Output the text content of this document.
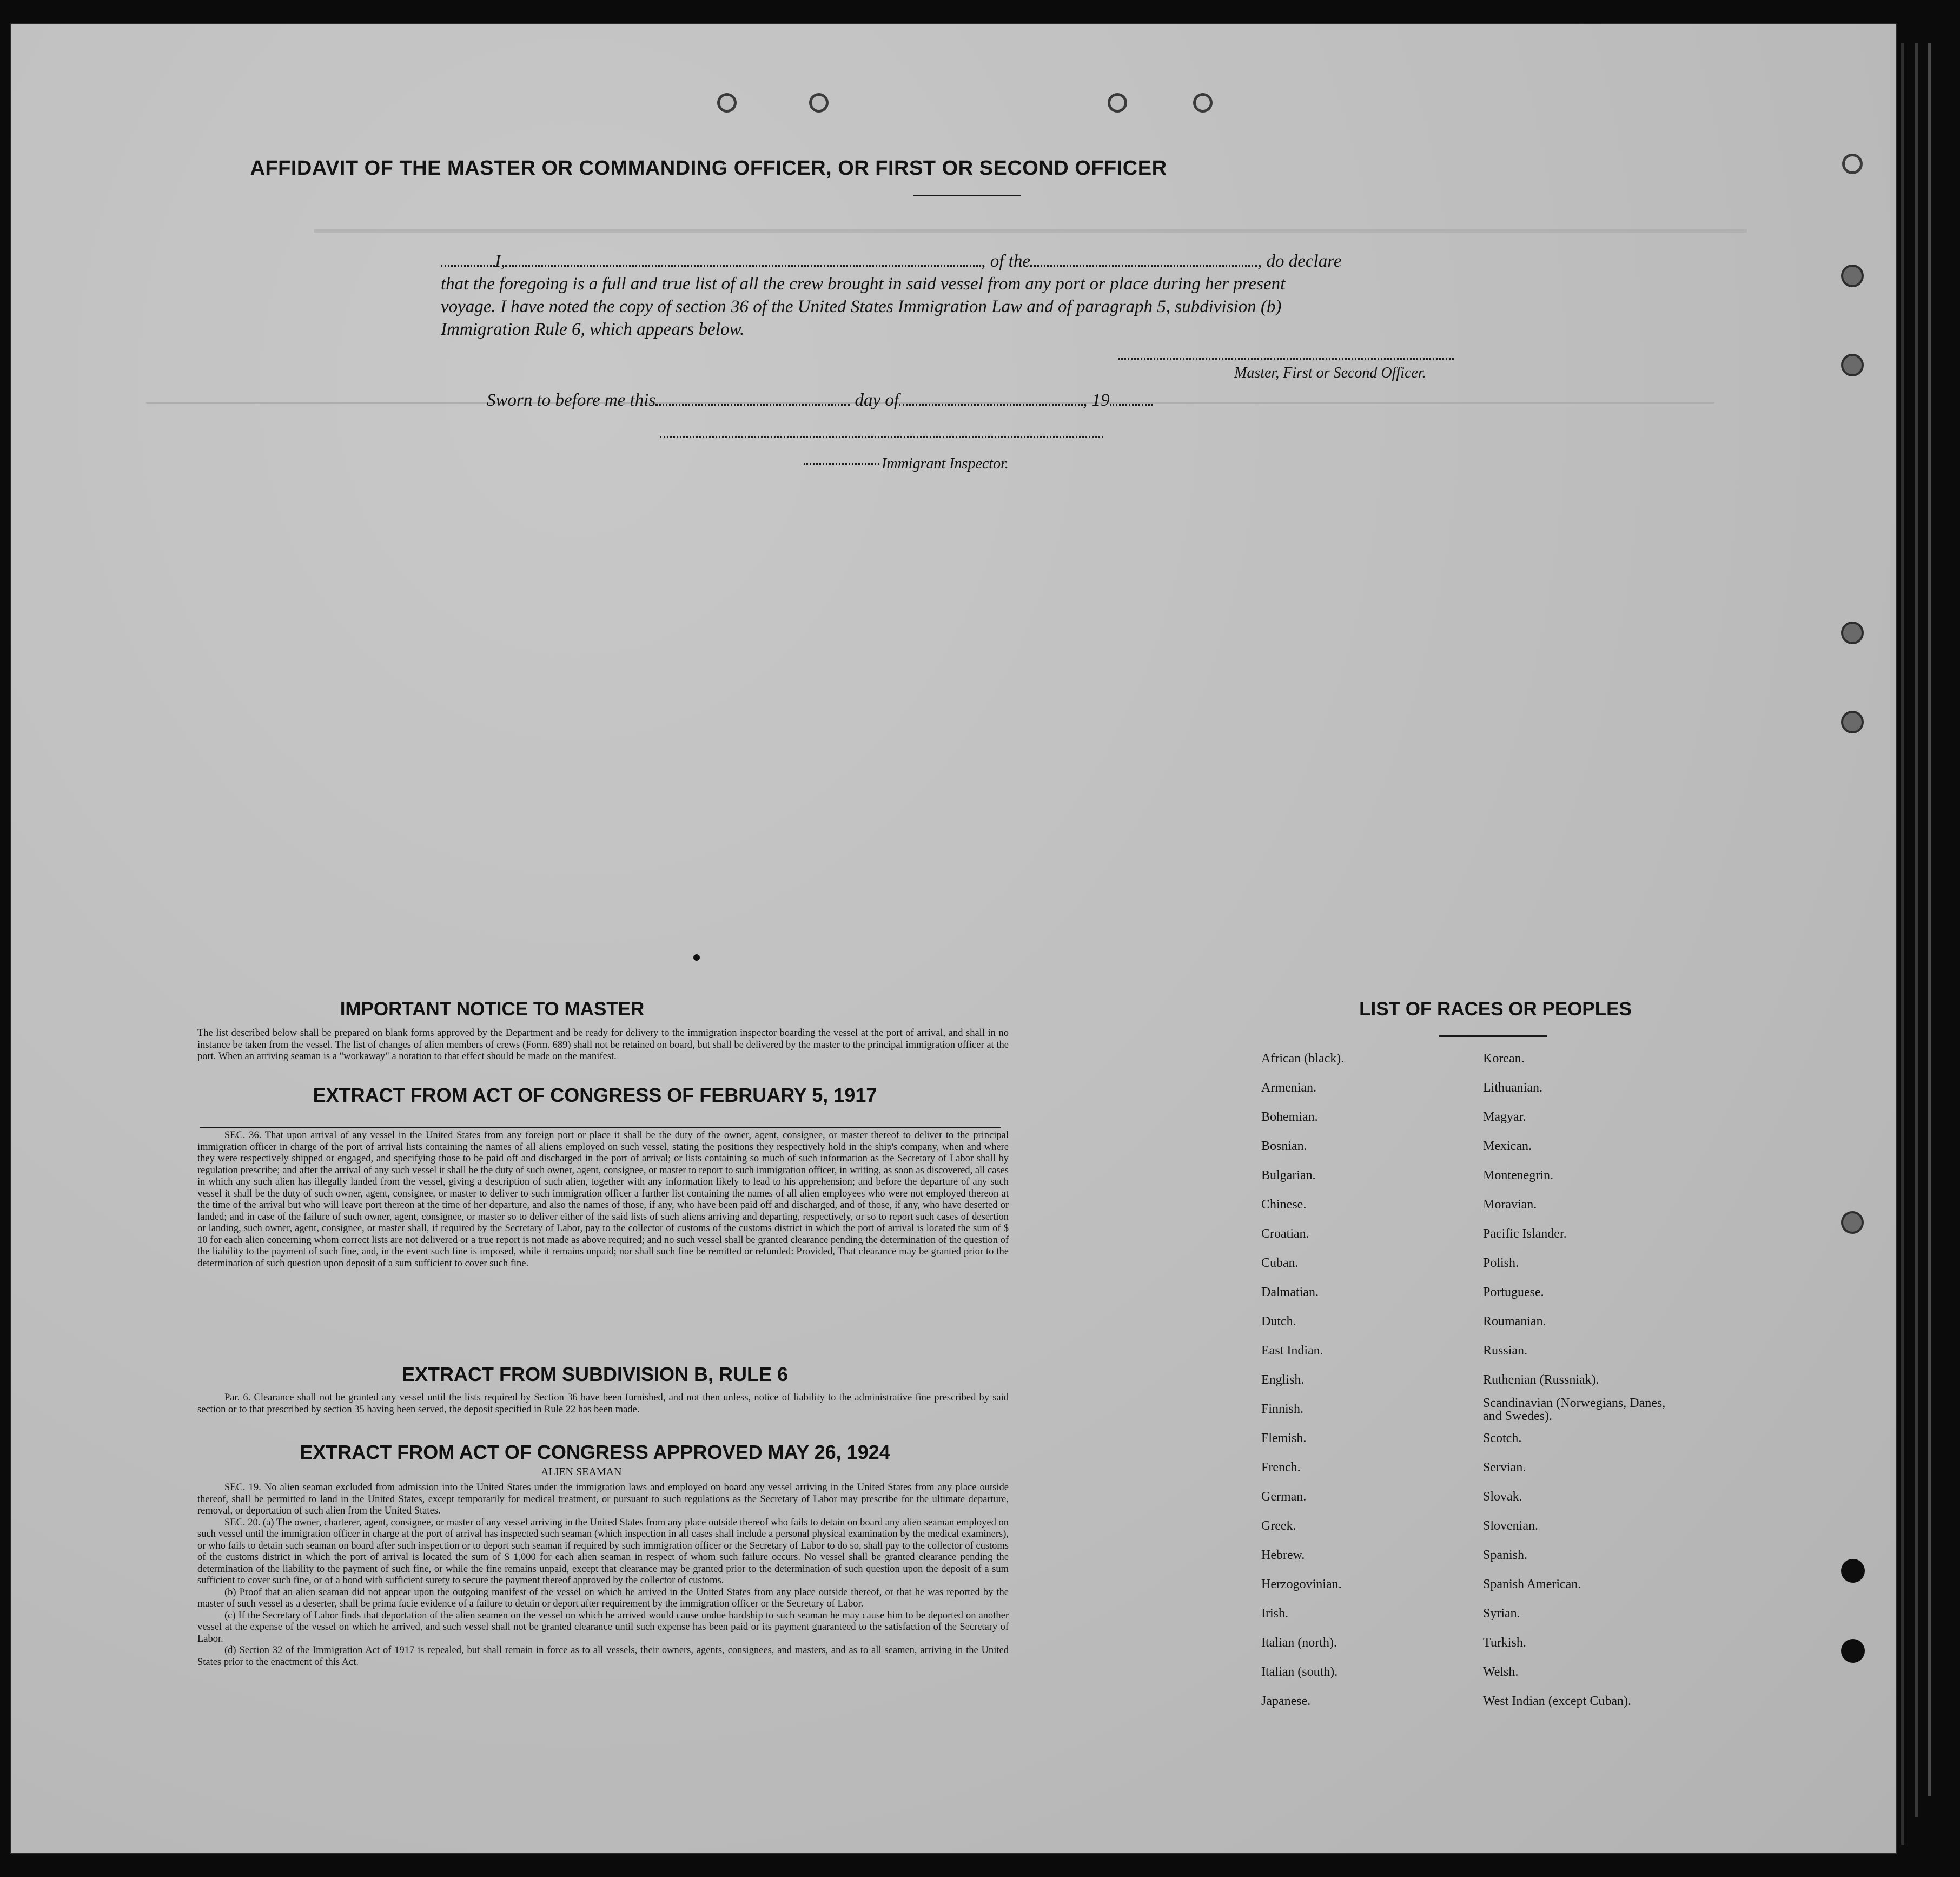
AFFIDAVIT OF THE MASTER OR COMMANDING OFFICER, OR FIRST OR SECOND OFFICER
I,	, of the	, do declare
that the foregoing is a full and true list of all the crew brought in said vessel from any port or place during her present
voyage. I have noted the copy of section 36 of the United States Immigration Law and of paragraph 5, subdivision (b)
Immigration Rule 6, which appears below.
Master, First or Second Officer.
Sworn to before me this	day of	, 19
Immigrant Inspector.
IMPORTANT NOTICE TO MASTER
The list described below shall be prepared on blank forms approved by the Department and be ready for delivery to the immigration inspector boarding the vessel at the port of arrival, and shall in no instance be taken from the vessel. The list of changes of alien members of crews (Form. 689) shall not be retained on board, but shall be delivered by the master to the principal immigration officer at the port. When an arriving seaman is a "workaway" a notation to that effect should be made on the manifest.
EXTRACT FROM ACT OF CONGRESS OF FEBRUARY 5, 1917
SEC. 36. That upon arrival of any vessel in the United States from any foreign port or place it shall be the duty of the owner, agent, consignee, or master thereof to deliver to the principal immigration officer in charge of the port of arrival lists containing the names of all aliens employed on such vessel, stating the positions they respectively hold in the ship's company, when and where they were respectively shipped or engaged, and specifying those to be paid off and discharged in the port of arrival; or lists containing so much of such information as the Secretary of Labor shall by regulation prescribe; and after the arrival of any such vessel it shall be the duty of such owner, agent, consignee, or master to report to such immigration officer, in writing, as soon as discovered, all cases in which any such alien has illegally landed from the vessel, giving a description of such alien, together with any information likely to lead to his apprehension; and before the departure of any such vessel it shall be the duty of such owner, agent, consignee, or master to deliver to such immigration officer a further list containing the names of all alien employees who were not employed thereon at the time of the arrival but who will leave port thereon at the time of her departure, and also the names of those, if any, who have been paid off and discharged, and of those, if any, who have deserted or landed; and in case of the failure of such owner, agent, consignee, or master so to deliver either of the said lists of such aliens arriving and departing, respectively, or so to report such cases of desertion or landing, such owner, agent, consignee, or master shall, if required by the Secretary of Labor, pay to the collector of customs of the customs district in which the port of arrival is located the sum of $ 10 for each alien concerning whom correct lists are not delivered or a true report is not made as above required; and no such vessel shall be granted clearance pending the determination of the question of the liability to the payment of such fine, and, in the event such fine is imposed, while it remains unpaid; nor shall such fine be remitted or refunded: Provided, That clearance may be granted prior to the determination of such question upon deposit of a sum sufficient to cover such fine.
EXTRACT FROM SUBDIVISION B, RULE 6
Par. 6. Clearance shall not be granted any vessel until the lists required by Section 36 have been furnished, and not then unless, notice of liability to the administrative fine prescribed by said section or to that prescribed by section 35 having been served, the deposit specified in Rule 22 has been made.
EXTRACT FROM ACT OF CONGRESS APPROVED MAY 26, 1924
ALIEN SEAMAN

SEC. 19. No alien seaman excluded from admission into the United States under the immigration laws and employed on board any vessel arriving in the United States from any place outside thereof, shall be permitted to land in the United States, except temporarily for medical treatment, or pursuant to such regulations as the Secretary of Labor may prescribe for the ultimate departure, removal, or deportation of such alien from the United States.

SEC. 20. (a) The owner, charterer, agent, consignee, or master of any vessel arriving in the United States from any place outside thereof who fails to detain on board any alien seaman employed on such vessel until the immigration officer in charge at the port of arrival has inspected such seaman (which inspection in all cases shall include a personal physical examination by the medical examiners), or who fails to detain such seaman on board after such inspection or to deport such seaman if required by such immigration officer or the Secretary of Labor to do so, shall pay to the collector of customs of the customs district in which the port of arrival is located the sum of $ 1,000 for each alien seaman in respect of whom such failure occurs. No vessel shall be granted clearance pending the determination of the liability to the payment of such fine, or while the fine remains unpaid, except that clearance may be granted prior to the determination of such question upon the deposit of a sum sufficient to cover such fine, or of a bond with sufficient surety to secure the payment thereof approved by the collector of customs.

(b) Proof that an alien seaman did not appear upon the outgoing manifest of the vessel on which he arrived in the United States from any place outside thereof, or that he was reported by the master of such vessel as a deserter, shall be prima facie evidence of a failure to detain or deport after requirement by the immigration officer or the Secretary of Labor.

(c) If the Secretary of Labor finds that deportation of the alien seamen on the vessel on which he arrived would cause undue hardship to such seaman he may cause him to be deported on another vessel at the expense of the vessel on which he arrived, and such vessel shall not be granted clearance until such expense has been paid or its payment guaranteed to the satisfaction of the Secretary of Labor.

(d) Section 32 of the Immigration Act of 1917 is repealed, but shall remain in force as to all vessels, their owners, agents, consignees, and masters, and as to all seamen, arriving in the United States prior to the enactment of this Act.

LIST OF RACES OR PEOPLES
African (black).
Armenian.
Bohemian.
Bosnian.
Bulgarian.
Chinese.
Croatian.
Cuban.
Dalmatian.
Dutch.
East Indian.
English.
Finnish.
Flemish.
French.
German.
Greek.
Hebrew.
Herzogovinian.
Irish.
Italian (north).
Italian (south).
Japanese.
Korean.
Lithuanian.
Magyar.
Mexican.
Montenegrin.
Moravian.
Pacific Islander.
Polish.
Portuguese.
Roumanian.
Russian.
Ruthenian (Russniak).
Scandinavian (Norwegians, Danes, and Swedes).
Scotch.
Servian.
Slovak.
Slovenian.
Spanish.
Spanish American.
Syrian.
Turkish.
Welsh.
West Indian (except Cuban).
